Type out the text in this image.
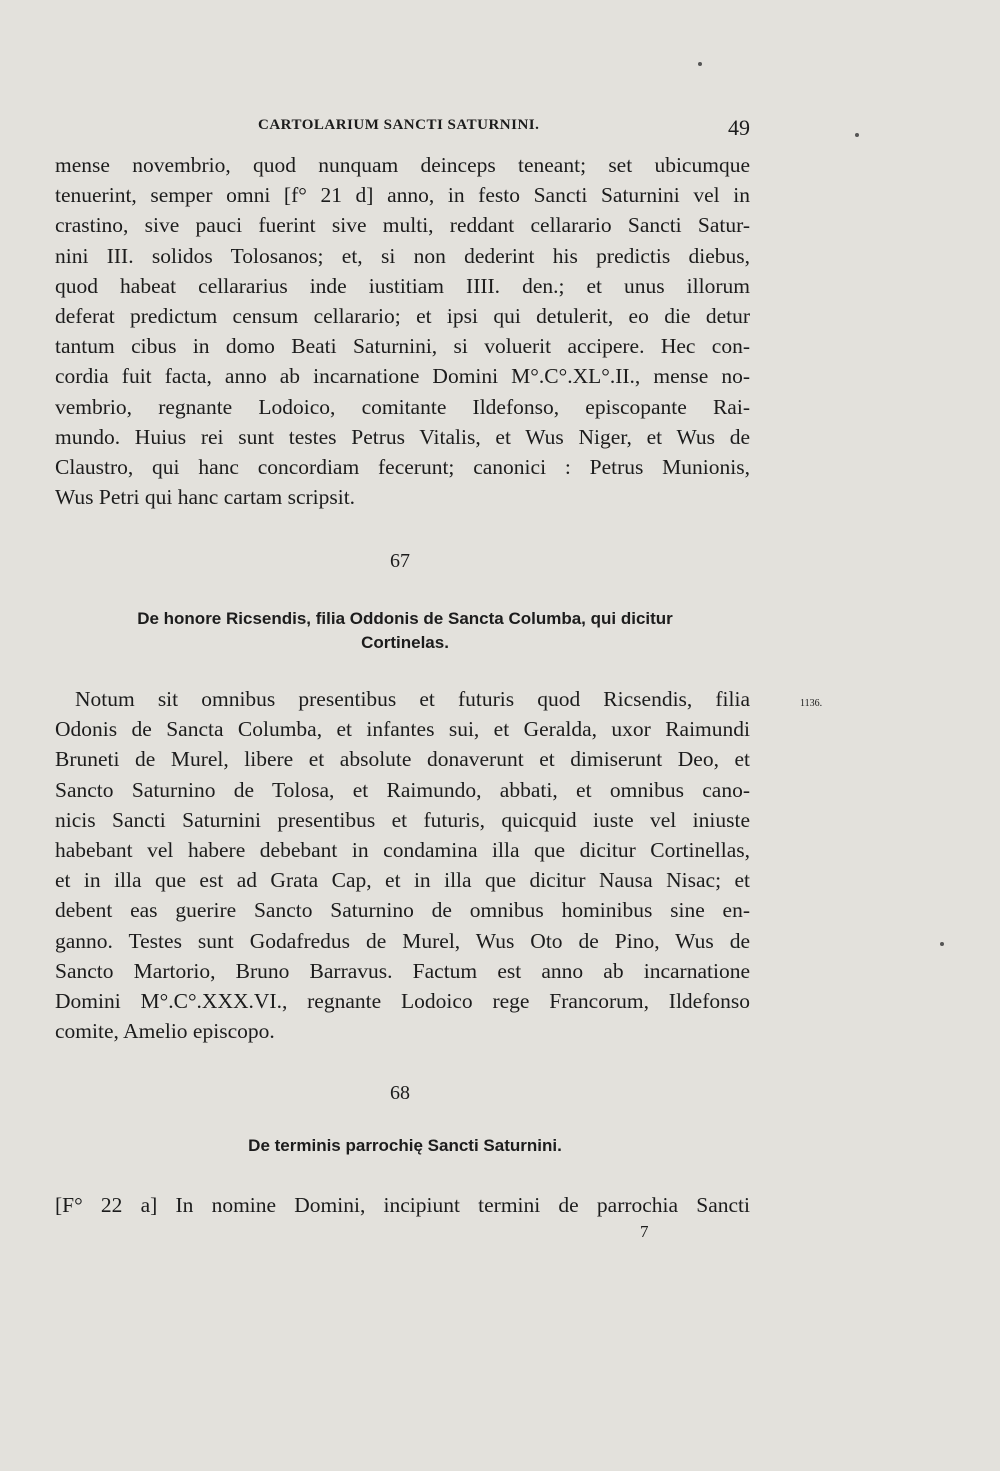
CARTOLARIUM SANCTI SATURNINI.	49
mense novembrio, quod nunquam deinceps teneant; set ubicumque
tenuerint, semper omni [f° 21 d] anno, in festo Sancti Saturnini vel in
crastino, sive pauci fuerint sive multi, reddant cellarario Sancti Satur-
nini III. solidos Tolosanos; et, si non dederint his predictis diebus,
quod habeat cellararius inde iustitiam IIII. den.; et unus illorum
deferat predictum censum cellarario; et ipsi qui detulerit, eo die detur
tantum cibus in domo Beati Saturnini, si voluerit accipere. Hec con-
cordia fuit facta, anno ab incarnatione Domini M°.C°.XL°.II., mense no-
vembrio, regnante Lodoico, comitante Ildefonso, episcopante Rai-
mundo. Huius rei sunt testes Petrus Vitalis, et Wus Niger, et Wus de
Claustro, qui hanc concordiam fecerunt; canonici : Petrus Munionis,
Wus Petri qui hanc cartam scripsit.
67
De honore Ricsendis, filia Oddonis de Sancta Columba, qui dicitur
Cortinelas.
1136.
Notum sit omnibus presentibus et futuris quod Ricsendis, filia
Odonis de Sancta Columba, et infantes sui, et Geralda, uxor Raimundi
Bruneti de Murel, libere et absolute donaverunt et dimiserunt Deo, et
Sancto Saturnino de Tolosa, et Raimundo, abbati, et omnibus cano-
nicis Sancti Saturnini presentibus et futuris, quicquid iuste vel iniuste
habebant vel habere debebant in condamina illa que dicitur Cortinellas,
et in illa que est ad Grata Cap, et in illa que dicitur Nausa Nisac; et
debent eas guerire Sancto Saturnino de omnibus hominibus sine en-
ganno. Testes sunt Godafredus de Murel, Wus Oto de Pino, Wus de
Sancto Martorio, Bruno Barravus. Factum est anno ab incarnatione
Domini M°.C°.XXX.VI., regnante Lodoico rege Francorum, Ildefonso
comite, Amelio episcopo.
68
De terminis parrochię Sancti Saturnini.
[F° 22 a] In nomine Domini, incipiunt termini de parrochia Sancti
7
